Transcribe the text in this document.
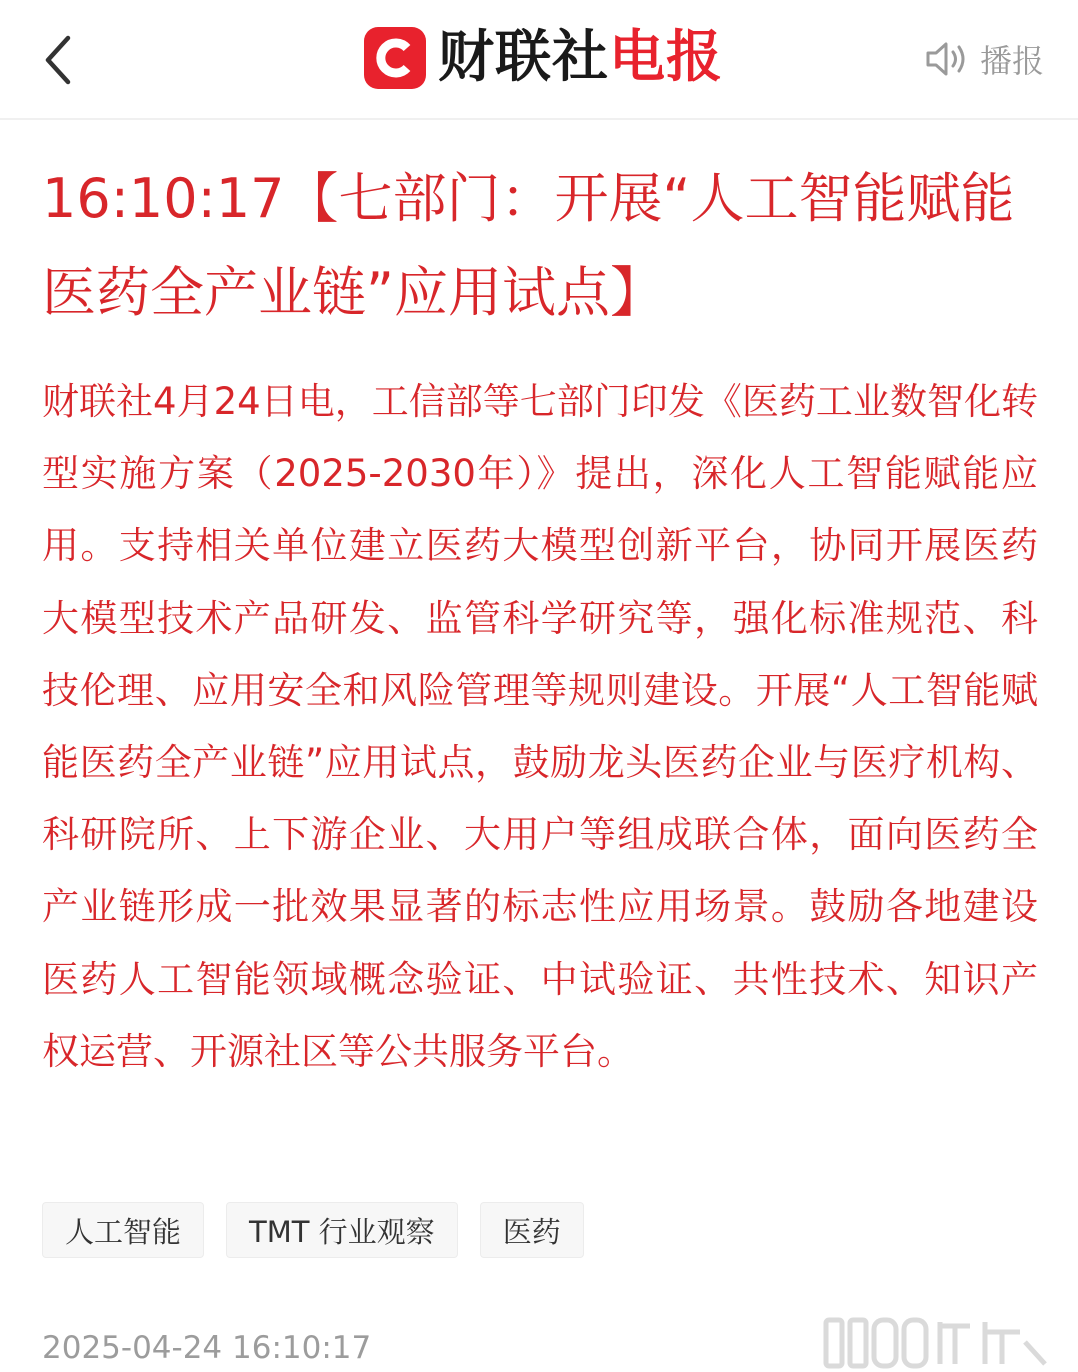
财联社电报	播报
16:10:17【七部门：开展“人工智能赋能医药全产业链”应用试点】
财联社4月24日电，工信部等七部门印发《医药工业数智化转型实施方案（2025-2030年）》提出，深化人工智能赋能应用。支持相关单位建立医药大模型创新平台，协同开展医药大模型技术产品研发、监管科学研究等，强化标准规范、科技伦理、应用安全和风险管理等规则建设。开展“人工智能赋能医药全产业链”应用试点，鼓励龙头医药企业与医疗机构、科研院所、上下游企业、大用户等组成联合体，面向医药全产业链形成一批效果显著的标志性应用场景。鼓励各地建设医药人工智能领域概念验证、中试验证、共性技术、知识产权运营、开源社区等公共服务平台。
人工智能	TMT 行业观察	医药
2025-04-24 16:10:17
